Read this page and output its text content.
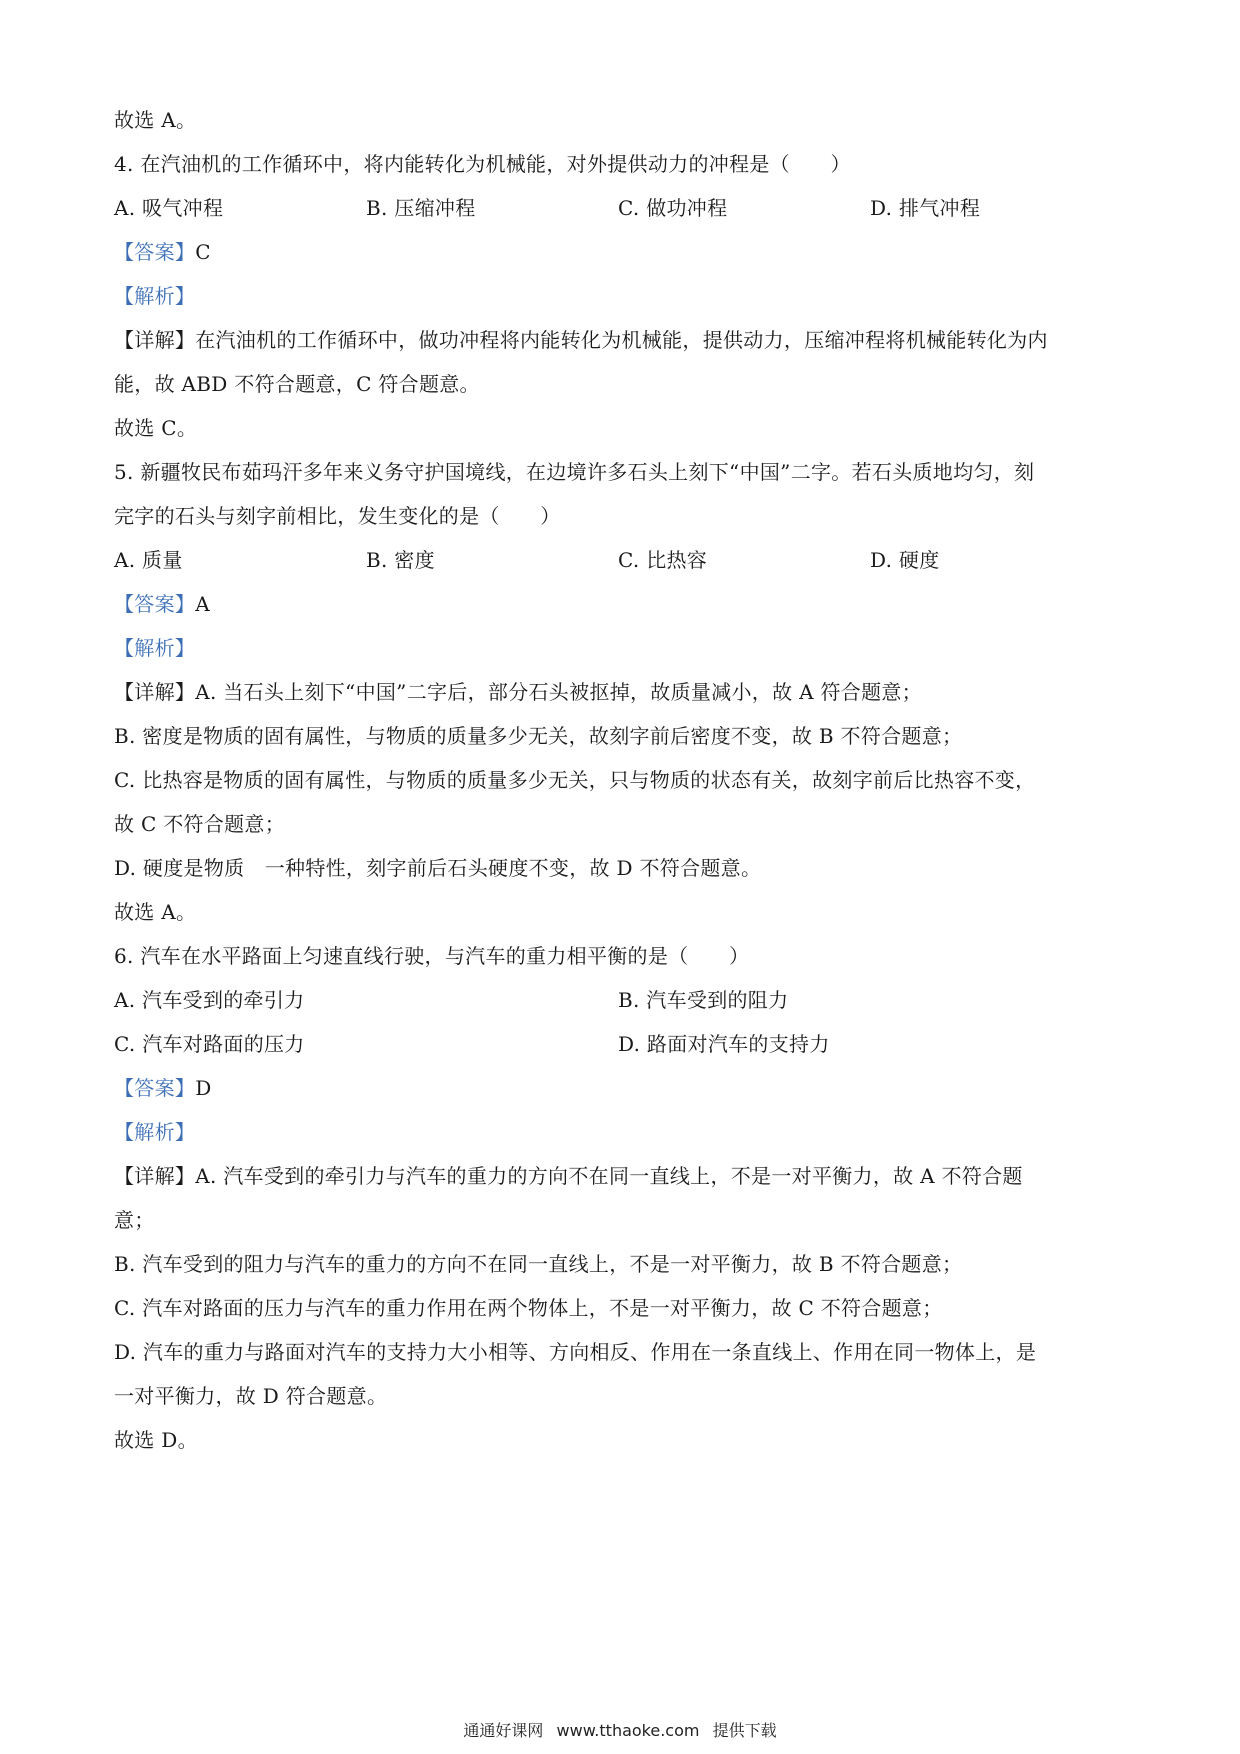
故选 A。
4. 在汽油机的工作循环中，将内能转化为机械能，对外提供动力的冲程是（　　）
A. 吸气冲程	B. 压缩冲程	C. 做功冲程	D. 排气冲程
【答案】C
【解析】
【详解】在汽油机的工作循环中，做功冲程将内能转化为机械能，提供动力，压缩冲程将机械能转化为内
能，故 ABD 不符合题意，C 符合题意。
故选 C。
5. 新疆牧民布茹玛汗多年来义务守护国境线，在边境许多石头上刻下“中国”二字。若石头质地均匀，刻
完字的石头与刻字前相比，发生变化的是（　　）
A. 质量	B. 密度	C. 比热容	D. 硬度
【答案】A
【解析】
【详解】A. 当石头上刻下“中国”二字后，部分石头被抠掉，故质量减小，故 A 符合题意；
B. 密度是物质的固有属性，与物质的质量多少无关，故刻字前后密度不变，故 B 不符合题意；
C. 比热容是物质的固有属性，与物质的质量多少无关，只与物质的状态有关，故刻字前后比热容不变，
故 C 不符合题意；
D. 硬度是物质　一种特性，刻字前后石头硬度不变，故 D 不符合题意。
故选 A。
6. 汽车在水平路面上匀速直线行驶，与汽车的重力相平衡的是（　　）
A. 汽车受到的牵引力	B. 汽车受到的阻力
C. 汽车对路面的压力	D. 路面对汽车的支持力
【答案】D
【解析】
【详解】A. 汽车受到的牵引力与汽车的重力的方向不在同一直线上，不是一对平衡力，故 A 不符合题
意；
B. 汽车受到的阻力与汽车的重力的方向不在同一直线上，不是一对平衡力，故 B 不符合题意；
C. 汽车对路面的压力与汽车的重力作用在两个物体上，不是一对平衡力，故 C 不符合题意；
D. 汽车的重力与路面对汽车的支持力大小相等、方向相反、作用在一条直线上、作用在同一物体上，是
一对平衡力，故 D 符合题意。
故选 D。
通通好课网 www.tthaoke.com 提供下载
